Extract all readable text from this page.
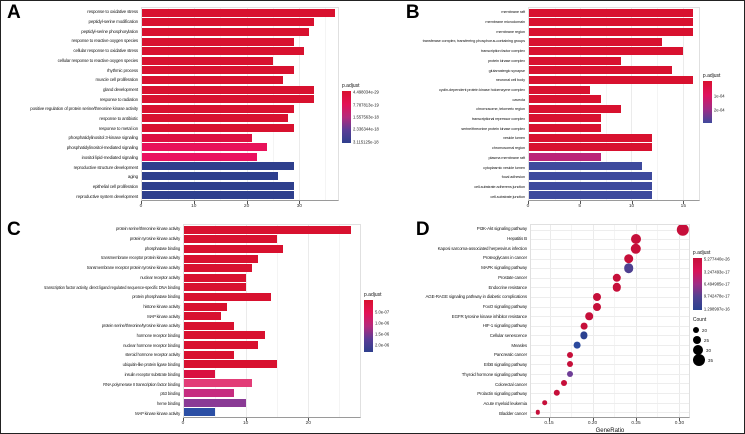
A	response to oxidative stress
peptidyl-serine modification
peptidyl-serine phosphorylation
response to reactive oxygen species
cellular response to oxidative stress
cellular response to reactive oxygen species
rhythmic process
muscle cell proliferation
gland development
response to radiation
positive regulation of protein serine/threonine kinase activity
response to antibiotic
response to metal ion
phosphatidylinositol 3-kinase signaling
phosphatidylinositol-mediated signaling
inositol lipid-mediated signaling
reproductive structure development
aging
epithelial cell proliferation
reproductive system development
0	10	20	30
p.adjust
4.498034e-29
7.787813e-19
1.557563e-18
2.336344e-18
3.115125e-18
B	membrane raft
membrane microdomain
membrane region
transferase complex, transferring phosphorus-containing groups
transcription factor complex
protein kinase complex
glutamatergic synapse
neuronal cell body
cyclin-dependent protein kinase holoenzyme complex
caveola
chromosome, telomeric region
transcriptional repressor complex
serine/threonine protein kinase complex
vesicle lumen
chromosomal region
plasma membrane raft
cytoplasmic vesicle lumen
focal adhesion
cell-substrate adherens junction
cell-substrate junction
0	5	10	15
p.adjust
1e-04
2e-04
C	protein serine/threonine kinase activity
protein tyrosine kinase activity
phosphatase binding
transmembrane receptor protein kinase activity
transmembrane receptor protein tyrosine kinase activity
nuclear receptor activity
transcription factor activity, direct ligand regulated sequence-specific DNA binding
protein phosphatase binding
histone kinase activity
MAP kinase activity
protein serine/threonine/tyrosine kinase activity
hormone receptor binding
nuclear hormone receptor binding
steroid hormone receptor activity
ubiquitin-like protein ligase binding
insulin receptor substrate binding
RNA polymerase II transcription factor binding
p53 binding
heme binding
MAP kinase kinase activity
0	10	20
p.adjust
5.0e-07
1.0e-06
1.5e-06
2.0e-06
D	PI3K-Akt signaling pathway
Hepatitis B
Kaposi sarcoma-associated herpesvirus infection
Proteoglycans in cancer
MAPK signaling pathway
Prostate cancer
Endocrine resistance
AGE-RAGE signaling pathway in diabetic complications
FoxO signaling pathway
EGFR tyrosine kinase inhibitor resistance
HIF-1 signaling pathway
Cellular senescence
Measles
Pancreatic cancer
ErbB signaling pathway
Thyroid hormone signaling pathway
Colorectal cancer
Prolactin signaling pathway
Acute myeloid leukemia
Bladder cancer
0.15	0.20	0.25	0.30
GeneRatio
p.adjust
5.277440e-26
3.247493e-17
6.494985e-17
9.742478e-17
1.298997e-16
Count
20
25
30
35
